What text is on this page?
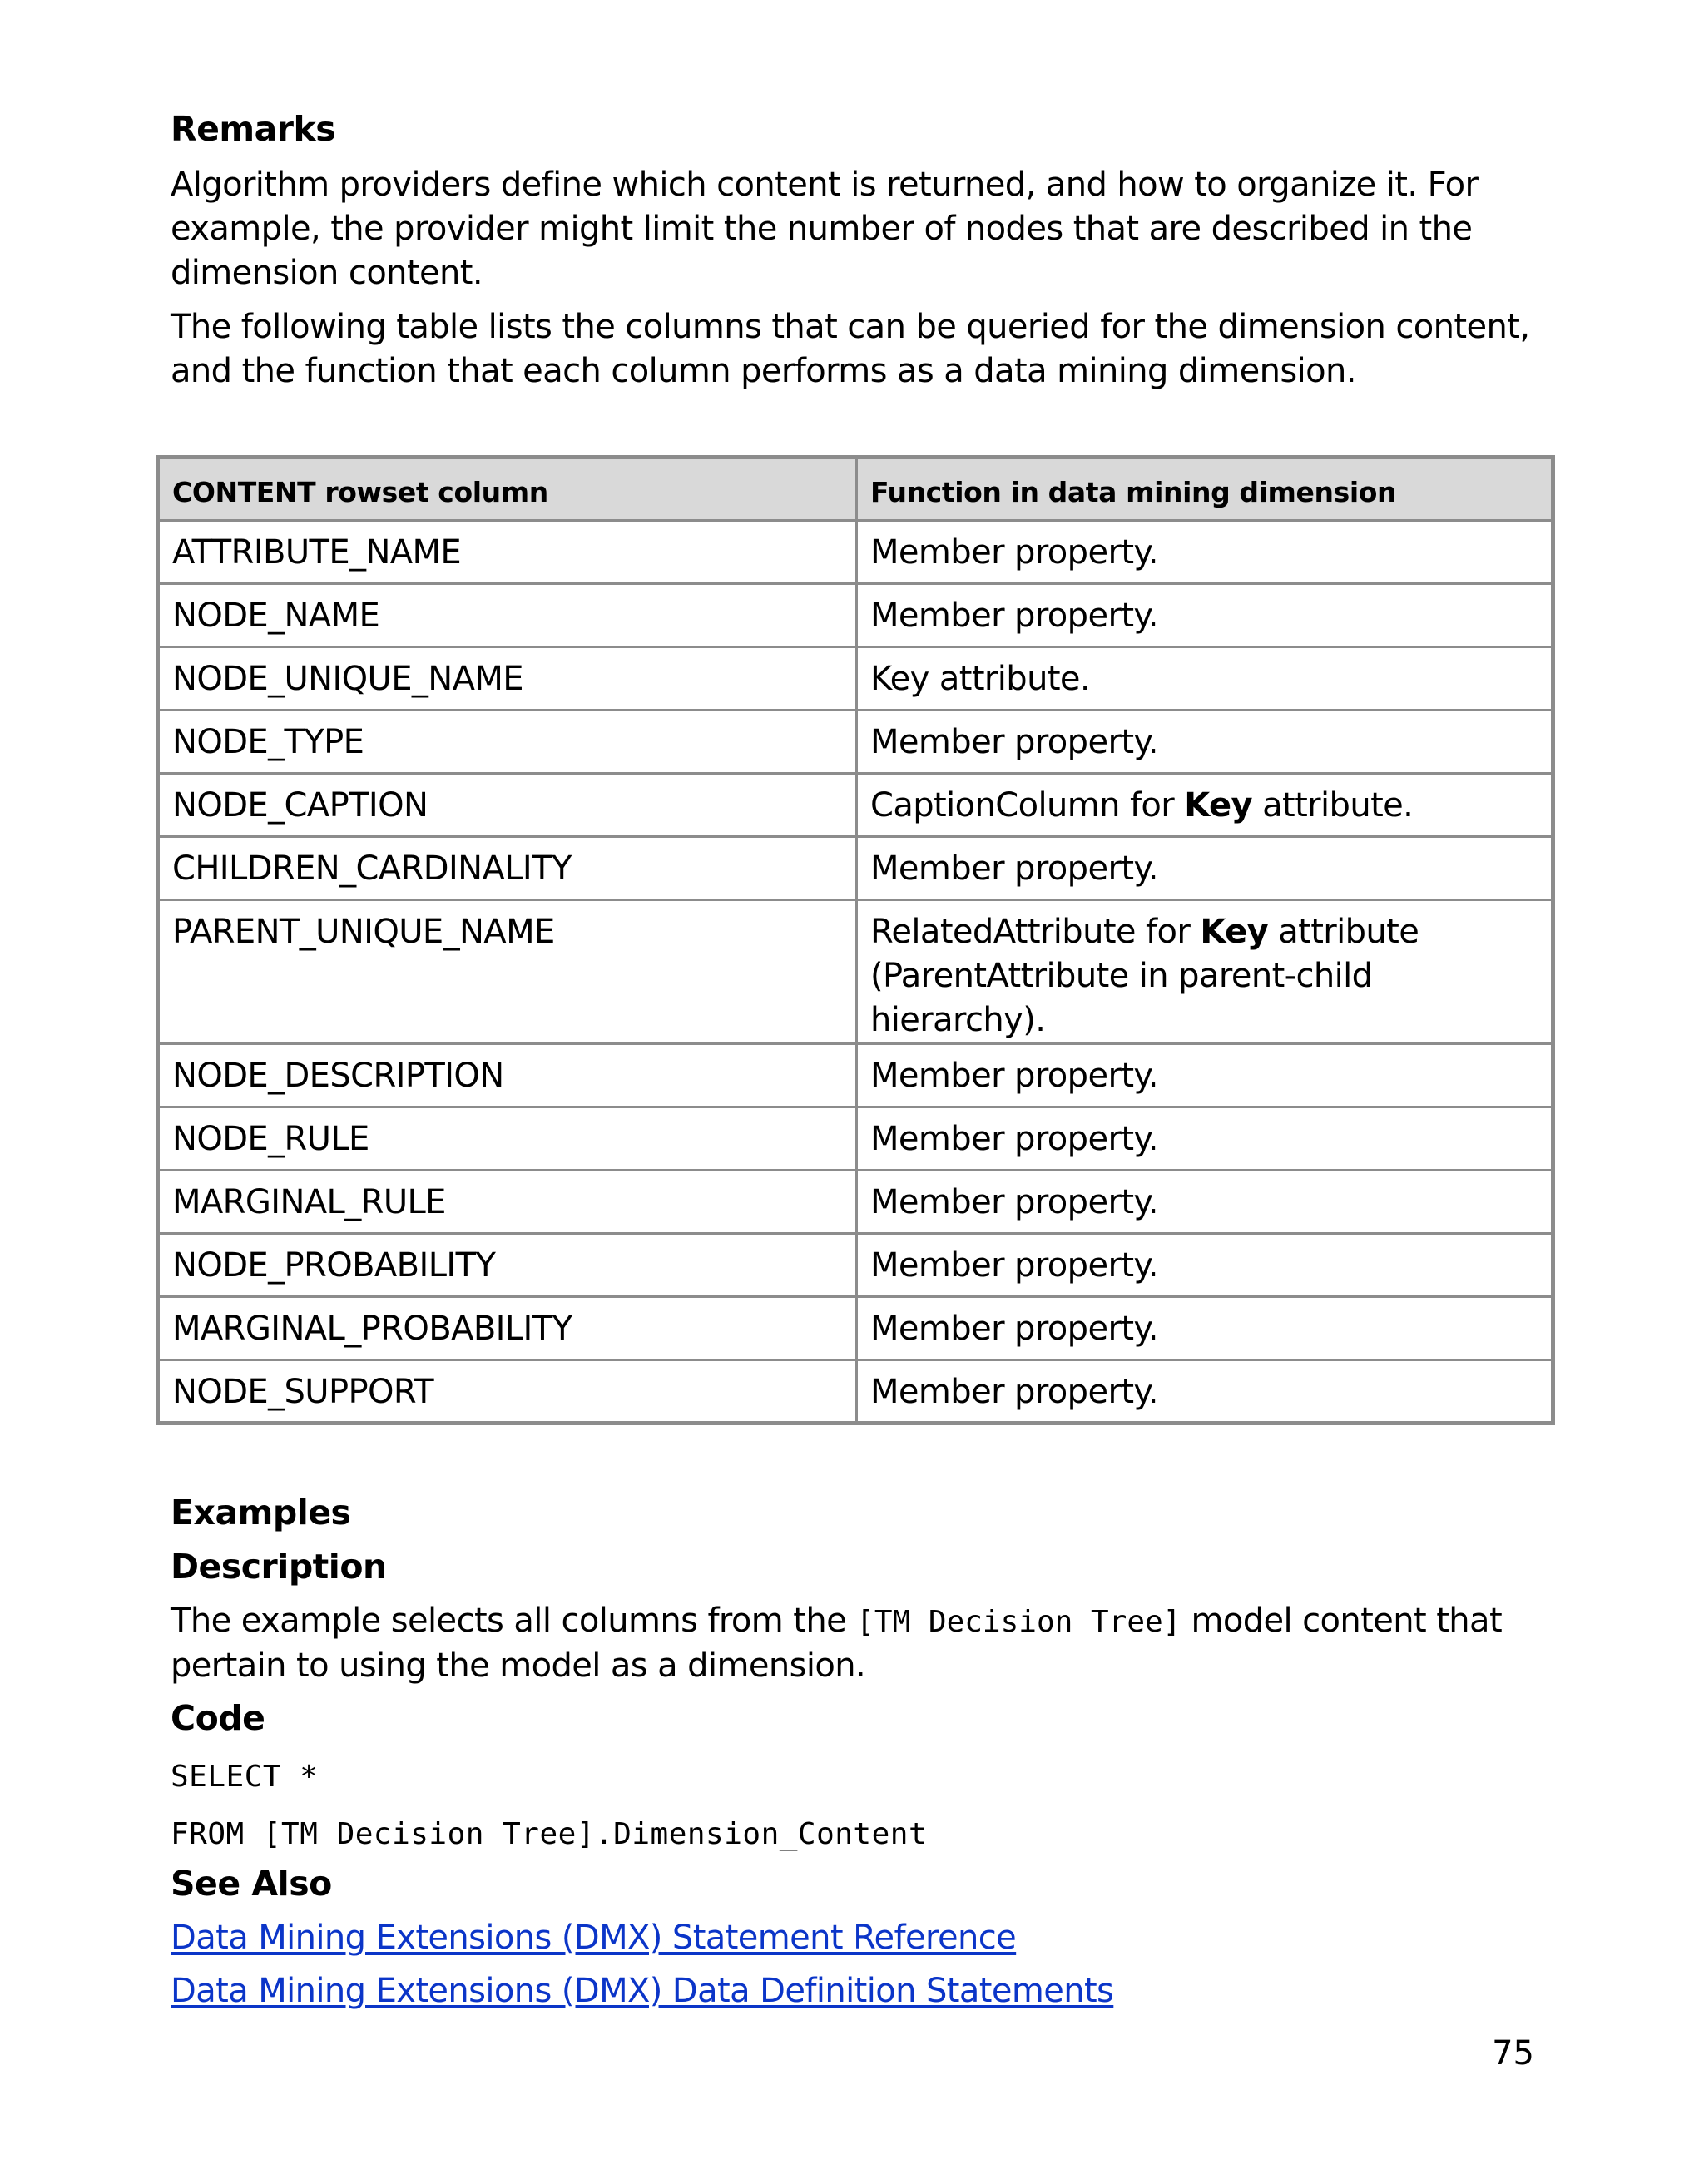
Remarks

Algorithm providers define which content is returned, and how to organize it. For example, the provider might limit the number of nodes that are described in the dimension content.

The following table lists the columns that can be queried for the dimension content, and the function that each column performs as a data mining dimension.

CONTENT rowset column	Function in data mining dimension
ATTRIBUTE_NAME	Member property.
NODE_NAME	Member property.
NODE_UNIQUE_NAME	Key attribute.
NODE_TYPE	Member property.
NODE_CAPTION	CaptionColumn for Key attribute.
CHILDREN_CARDINALITY	Member property.
PARENT_UNIQUE_NAME	RelatedAttribute for Key attribute (ParentAttribute in parent-child hierarchy).
NODE_DESCRIPTION	Member property.
NODE_RULE	Member property.
MARGINAL_RULE	Member property.
NODE_PROBABILITY	Member property.
MARGINAL_PROBABILITY	Member property.
NODE_SUPPORT	Member property.
Examples
Description

The example selects all columns from the [TM Decision Tree] model content that pertain to using the model as a dimension.

Code

SELECT *

FROM [TM Decision Tree].Dimension_Content

See Also
Data Mining Extensions (DMX) Statement Reference
Data Mining Extensions (DMX) Data Definition Statements
75
